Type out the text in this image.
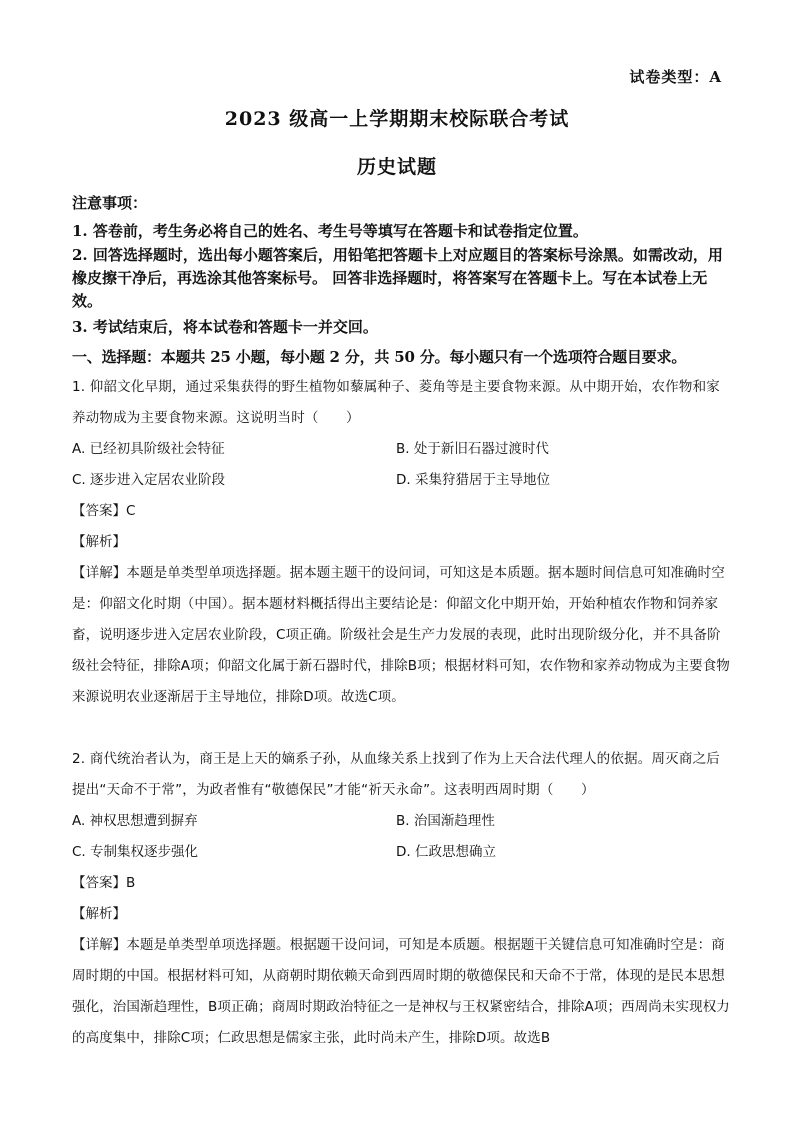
试卷类型：A
2023 级高一上学期期末校际联合考试
历史试题
注意事项：
1. 答卷前，考生务必将自己的姓名、考生号等填写在答题卡和试卷指定位置。
2. 回答选择题时，选出每小题答案后，用铅笔把答题卡上对应题目的答案标号涂黑。如需改动，用橡皮擦干净后，再选涂其他答案标号。 回答非选择题时，将答案写在答题卡上。写在本试卷上无效。
3. 考试结束后，将本试卷和答题卡一并交回。
一、选择题：本题共 25 小题，每小题 2 分，共 50 分。每小题只有一个选项符合题目要求。
1. 仰韶文化早期，通过采集获得的野生植物如藜属种子、菱角等是主要食物来源。从中期开始，农作物和家养动物成为主要食物来源。这说明当时（　　）
A. 已经初具阶级社会特征	B. 处于新旧石器过渡时代
C. 逐步进入定居农业阶段	D. 采集狩猎居于主导地位
【答案】C
【解析】
【详解】本题是单类型单项选择题。据本题主题干的设问词，可知这是本质题。据本题时间信息可知准确时空是：仰韶文化时期（中国）。据本题材料概括得出主要结论是：仰韶文化中期开始，开始种植农作物和饲养家畜，说明逐步进入定居农业阶段，C项正确。阶级社会是生产力发展的表现，此时出现阶级分化，并不具备阶级社会特征，排除A项；仰韶文化属于新石器时代，排除B项；根据材料可知，农作物和家养动物成为主要食物来源说明农业逐渐居于主导地位，排除D项。故选C项。
2. 商代统治者认为，商王是上天的嫡系子孙，从血缘关系上找到了作为上天合法代理人的依据。周灭商之后提出“天命不于常”，为政者惟有“敬德保民”才能“祈天永命”。这表明西周时期（　　）
A. 神权思想遭到摒弃	B. 治国渐趋理性
C. 专制集权逐步强化	D. 仁政思想确立
【答案】B
【解析】
【详解】本题是单类型单项选择题。根据题干设问词，可知是本质题。根据题干关键信息可知准确时空是：商周时期的中国。根据材料可知，从商朝时期依赖天命到西周时期的敬德保民和天命不于常，体现的是民本思想强化，治国渐趋理性，B项正确；商周时期政治特征之一是神权与王权紧密结合，排除A项；西周尚未实现权力的高度集中，排除C项；仁政思想是儒家主张，此时尚未产生，排除D项。故选B
